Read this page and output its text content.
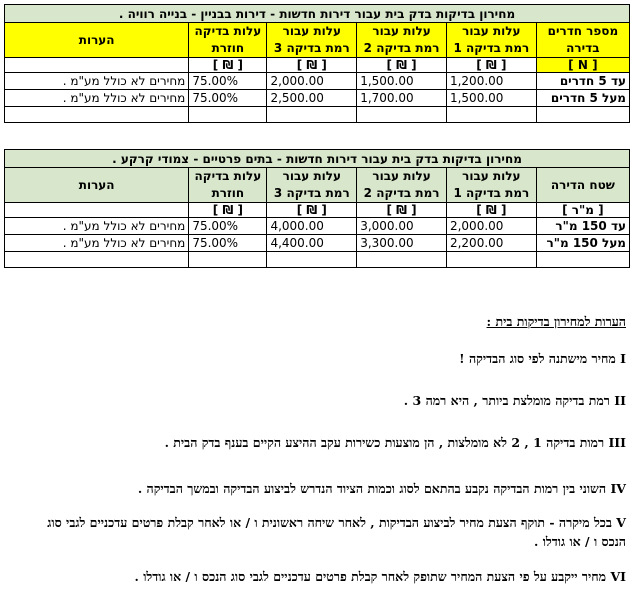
מחירון בדיקות בדק בית עבור דירות חדשות - דירות בבניין - בנייה רוויה .					
מספר חדרים בדירה	עלות עבור רמת בדיקה 1	עלות עבור רמת בדיקה 2	עלות עבור רמת בדיקה 3	עלות בדיקה חוזרת	הערות
[ N ]	[ ₪ ]	[ ₪ ]	[ ₪ ]	[ ₪ ]	
עד 5 חדרים	1,200.00	1,500.00	2,000.00	75.00%	מחירים לא כולל מע"מ .
מעל 5 חדרים	1,500.00	1,700.00	2,500.00	75.00%	מחירים לא כולל מע"מ .

מחירון בדיקות בדק בית עבור דירות חדשות - בתים פרטיים - צמודי קרקע .					
שטח הדירה	עלות עבור רמת בדיקה 1	עלות עבור רמת בדיקה 2	עלות עבור רמת בדיקה 3	עלות בדיקה חוזרת	הערות
[ מ"ר ]	[ ₪ ]	[ ₪ ]	[ ₪ ]	[ ₪ ]	
עד 150 מ"ר	2,000.00	3,000.00	4,000.00	75.00%	מחירים לא כולל מע"מ .
מעל 150 מ"ר	2,200.00	3,300.00	4,400.00	75.00%	מחירים לא כולל מע"מ .

הערות למחירון בדיקות בית :

I מחיר מישתנה לפי סוג הבדיקה !

II רמת בדיקה מומלצת ביותר , היא רמה 3 .

III רמות בדיקה 1 , 2 לא מומלצות , הן מוצעות כשירות עקב ההיצע הקיים בענף בדק הבית .

IV השוני בין רמות הבדיקה נקבע בהתאם לסוג וכמות הציוד הנדרש לביצוע הבדיקה ובמשך הבדיקה .

V בכל מיקרה - תוקף הצעת מחיר לביצוע הבדיקות , לאחר שיחה ראשונית ו / או לאחר קבלת פרטים עדכניים לגבי סוג הנכס ו / או גודלו .

VI מחיר ייקבע על פי הצעת המחיר שתופק לאחר קבלת פרטים עדכניים לגבי סוג הנכס ו / או גודלו .
